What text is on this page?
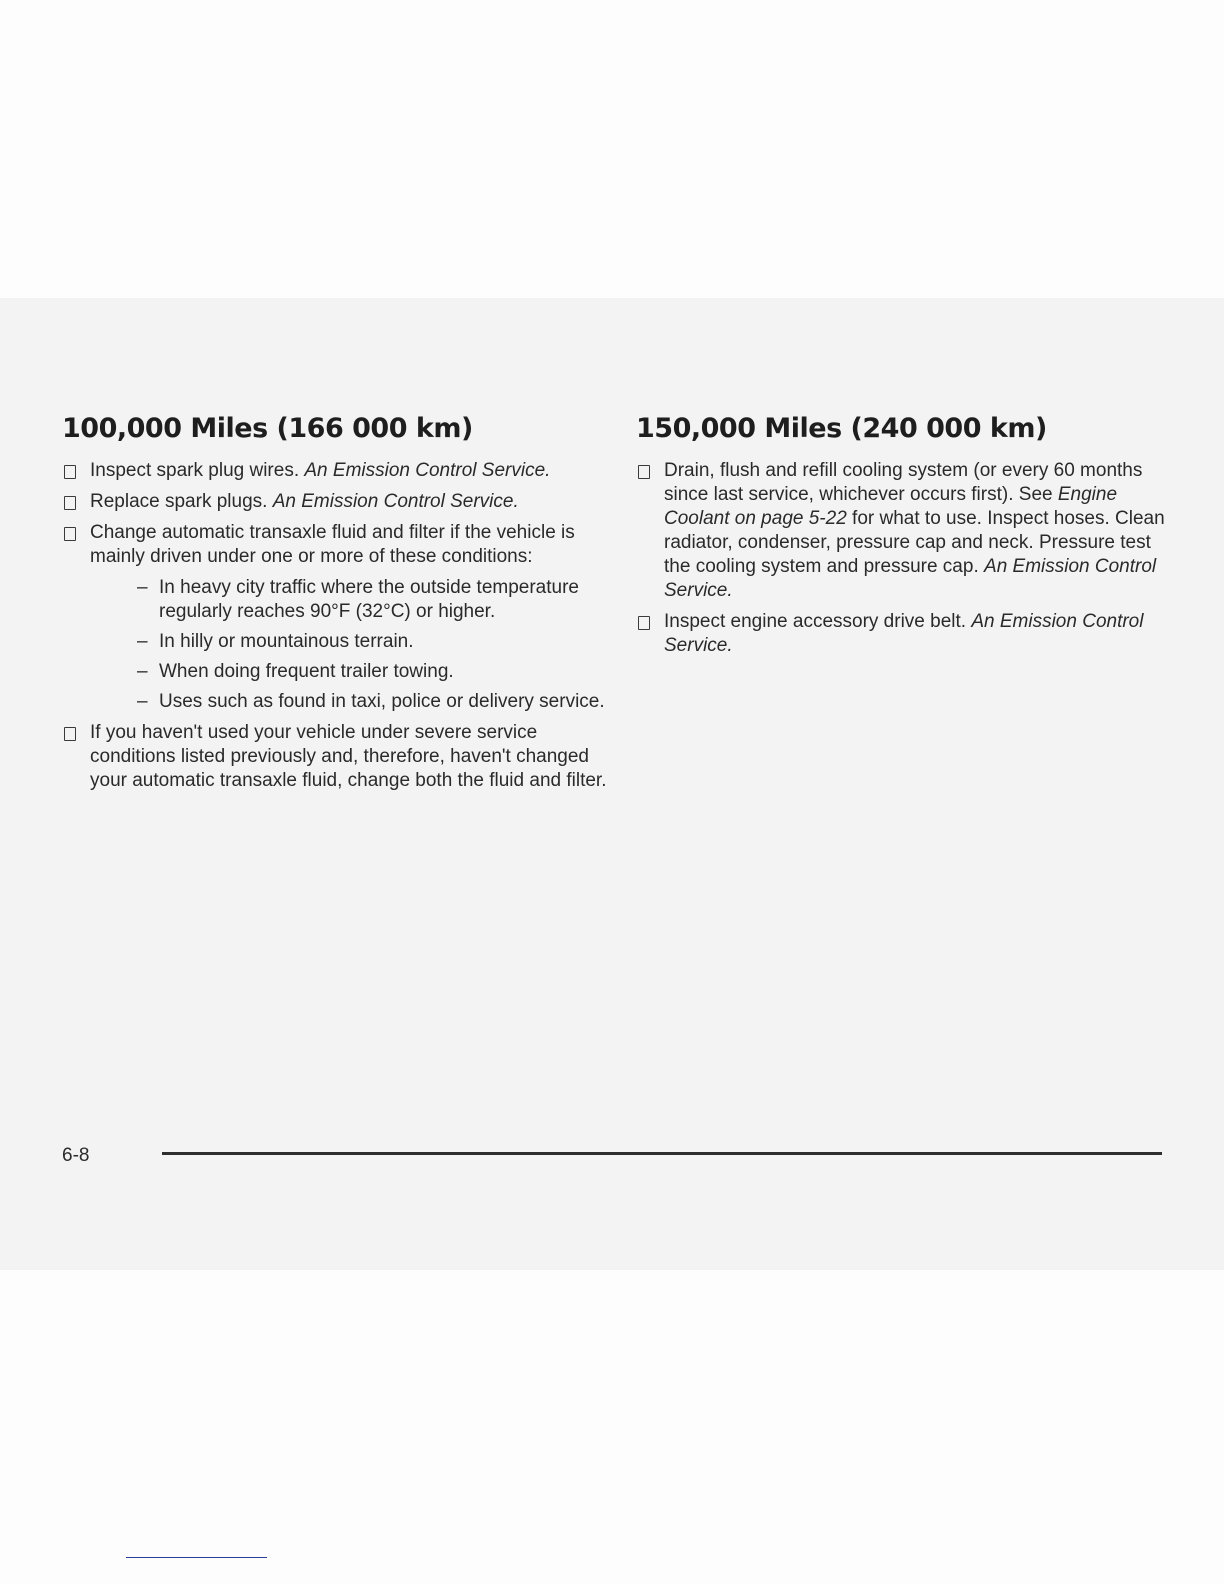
100,000 Miles (166 000 km)
Inspect spark plug wires. An Emission Control Service.
Replace spark plugs. An Emission Control Service.
Change automatic transaxle fluid and filter if the vehicle is mainly driven under one or more of these conditions:
– In heavy city traffic where the outside temperature regularly reaches 90°F (32°C) or higher.
– In hilly or mountainous terrain.
– When doing frequent trailer towing.
– Uses such as found in taxi, police or delivery service.
If you haven't used your vehicle under severe service conditions listed previously and, therefore, haven't changed your automatic transaxle fluid, change both the fluid and filter.
150,000 Miles (240 000 km)
Drain, flush and refill cooling system (or every 60 months since last service, whichever occurs first). See Engine Coolant on page 5-22 for what to use. Inspect hoses. Clean radiator, condenser, pressure cap and neck. Pressure test the cooling system and pressure cap. An Emission Control Service.
Inspect engine accessory drive belt. An Emission Control Service.
6-8
